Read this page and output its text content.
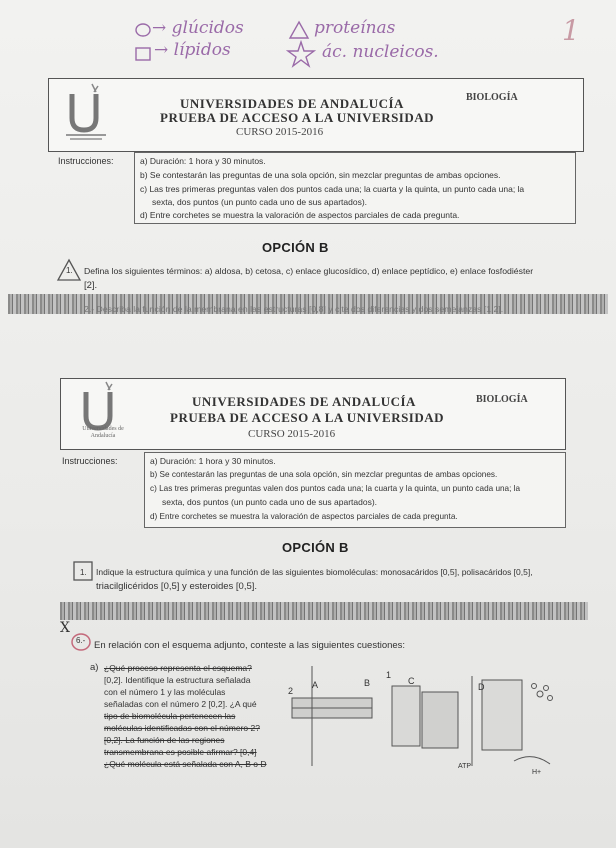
1
→ glúcidos	proteínas
→ lípidos	ác. nucleicos.
UNIVERSIDADES DE ANDALUCÍA
PRUEBA DE ACCESO A LA UNIVERSIDAD
CURSO 2015-2016
BIOLOGÍA
Instrucciones:	a) Duración: 1 hora y 30 minutos.
b) Se contestarán las preguntas de una sola opción, sin mezclar preguntas de ambas opciones.
c) Las tres primeras preguntas valen dos puntos cada una; la cuarta y la quinta, un punto cada una; la
sexta, dos puntos (un punto cada uno de sus apartados).
d) Entre corchetes se muestra la valoración de aspectos parciales de cada pregunta.
OPCIÓN B
1. Defina los siguientes términos: a) aldosa, b) cetosa, c) enlace glucosídico, d) enlace peptídico, e) enlace fosfodiéster
[2].
2.- Describa la función de la membrana en las estructuras [0,8] y cite dos diferencias y dos semejanzas [1,2].
Universidades de Andalucía
UNIVERSIDADES DE ANDALUCÍA
PRUEBA DE ACCESO A LA UNIVERSIDAD
CURSO 2015-2016
BIOLOGÍA
Instrucciones:	a) Duración: 1 hora y 30 minutos.
b) Se contestarán las preguntas de una sola opción, sin mezclar preguntas de ambas opciones.
c) Las tres primeras preguntas valen dos puntos cada una; la cuarta y la quinta, un punto cada una; la
sexta, dos puntos (un punto cada uno de sus apartados).
d) Entre corchetes se muestra la valoración de aspectos parciales de cada pregunta.
OPCIÓN B
1. Indique la estructura química y una función de las siguientes biomoléculas: monosacáridos [0,5], polisacáridos [0,5],
triacilglicéridos [0,5] y esteroides [0,5].
X
6.- En relación con el esquema adjunto, conteste a las siguientes cuestiones:
a) ¿Qué proceso representa el esquema?
[0,2]. Identifique la estructura señalada
con el número 1 y las moléculas
señaladas con el número 2 [0,2]. ¿A qué
tipo de biomolécula pertenecen las
moléculas identificadas con el número 2?
[0,2]. La función de las regiones
transmembrana es posible afirmar? [0,4]
¿Qué molécula está señalada con A, B o D
2
A	B	C
D
1
ATP
H+
